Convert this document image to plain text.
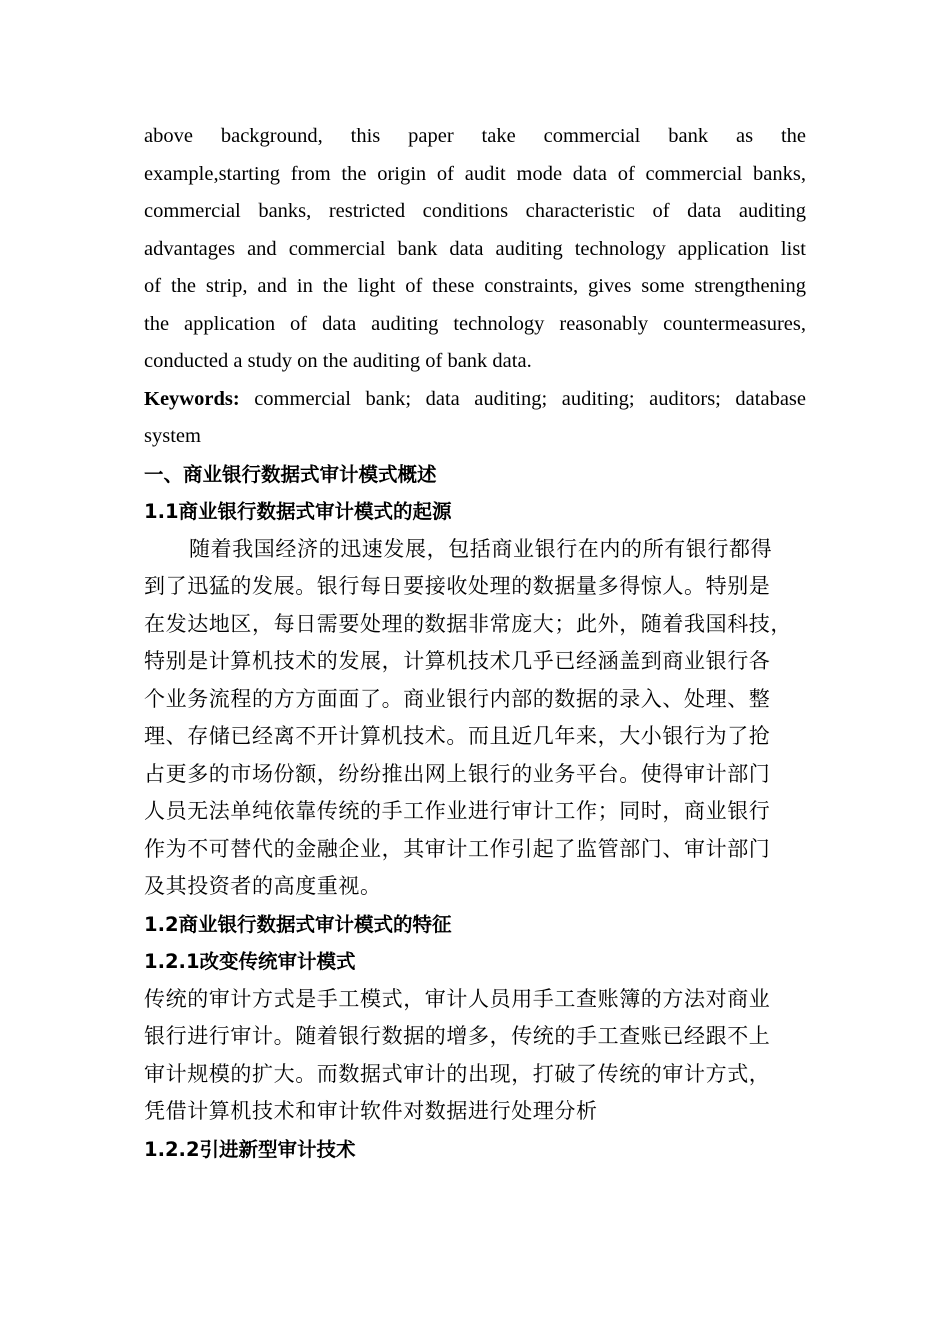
above background, this paper take commercial bank as the
example,starting from the origin of audit mode data of commercial banks,
commercial banks, restricted conditions characteristic of data auditing
advantages and commercial bank data auditing technology application list
of the strip, and in the light of these constraints, gives some strengthening
the application of data auditing technology reasonably countermeasures,
conducted a study on the auditing of bank data.
Keywords: commercial bank; data auditing; auditing; auditors; database
system
一、商业银行数据式审计模式概述
1.1商业银行数据式审计模式的起源
随着我国经济的迅速发展，包括商业银行在内的所有银行都得
到了迅猛的发展。银行每日要接收处理的数据量多得惊人。特别是
在发达地区，每日需要处理的数据非常庞大；此外，随着我国科技，
特别是计算机技术的发展，计算机技术几乎已经涵盖到商业银行各
个业务流程的方方面面了。商业银行内部的数据的录入、处理、整
理、存储已经离不开计算机技术。而且近几年来，大小银行为了抢
占更多的市场份额，纷纷推出网上银行的业务平台。使得审计部门
人员无法单纯依靠传统的手工作业进行审计工作；同时，商业银行
作为不可替代的金融企业，其审计工作引起了监管部门、审计部门
及其投资者的高度重视。
1.2商业银行数据式审计模式的特征
1.2.1改变传统审计模式
传统的审计方式是手工模式，审计人员用手工查账簿的方法对商业
银行进行审计。随着银行数据的增多，传统的手工查账已经跟不上
审计规模的扩大。而数据式审计的出现，打破了传统的审计方式，
凭借计算机技术和审计软件对数据进行处理分析
1.2.2引进新型审计技术
